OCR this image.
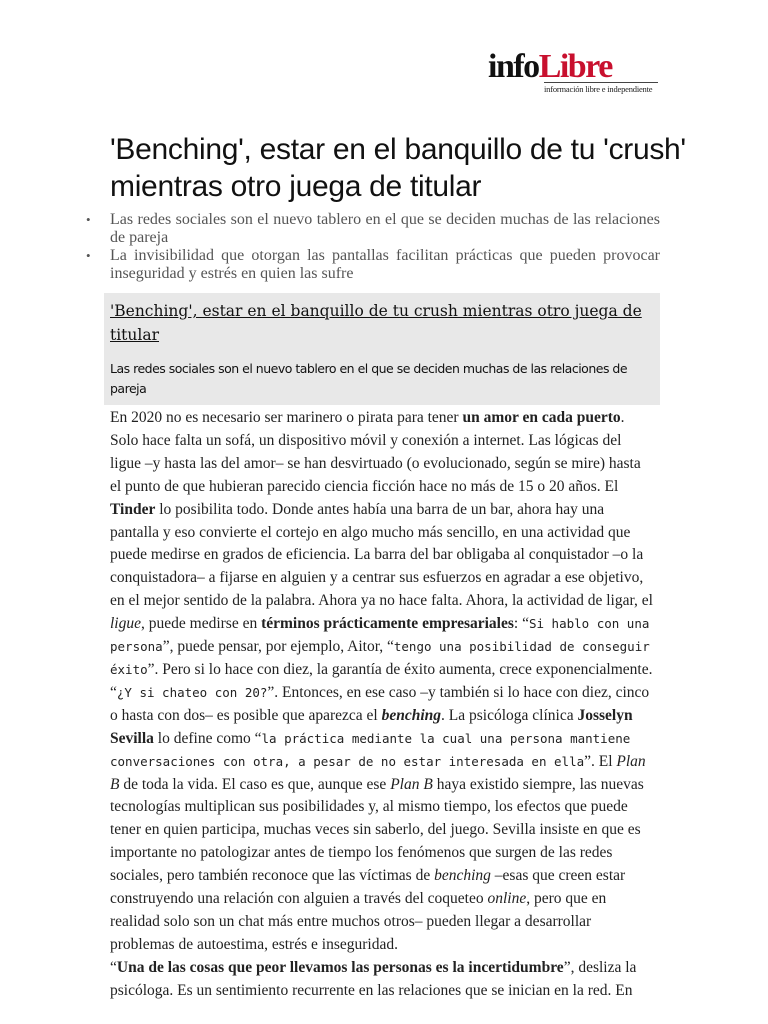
infoLibre
información libre e independiente
'Benching', estar en el banquillo de tu 'crush' mientras otro juega de titular
• Las redes sociales son el nuevo tablero en el que se deciden muchas de las relaciones de pareja
• La invisibilidad que otorgan las pantallas facilitan prácticas que pueden provocar inseguridad y estrés en quien las sufre
'Benching', estar en el banquillo de tu crush mientras otro juega de titular

Las redes sociales son el nuevo tablero en el que se deciden muchas de las relaciones de pareja

En 2020 no es necesario ser marinero o pirata para tener un amor en cada puerto. Solo hace falta un sofá, un dispositivo móvil y conexión a internet. Las lógicas del ligue –y hasta las del amor– se han desvirtuado (o evolucionado, según se mire) hasta el punto de que hubieran parecido ciencia ficción hace no más de 15 o 20 años. El Tinder lo posibilita todo. Donde antes había una barra de un bar, ahora hay una pantalla y eso convierte el cortejo en algo mucho más sencillo, en una actividad que puede medirse en grados de eficiencia. La barra del bar obligaba al conquistador –o la conquistadora– a fijarse en alguien y a centrar sus esfuerzos en agradar a ese objetivo, en el mejor sentido de la palabra. Ahora ya no hace falta. Ahora, la actividad de ligar, el ligue, puede medirse en términos prácticamente empresariales: “Si hablo con una persona”, puede pensar, por ejemplo, Aitor, “tengo una posibilidad de conseguir éxito”. Pero si lo hace con diez, la garantía de éxito aumenta, crece exponencialmente. “¿Y si chateo con 20?”. Entonces, en ese caso –y también si lo hace con diez, cinco o hasta con dos– es posible que aparezca el benching. La psicóloga clínica Josselyn Sevilla lo define como “la práctica mediante la cual una persona mantiene conversaciones con otra, a pesar de no estar interesada en ella”. El Plan B de toda la vida. El caso es que, aunque ese Plan B haya existido siempre, las nuevas tecnologías multiplican sus posibilidades y, al mismo tiempo, los efectos que puede tener en quien participa, muchas veces sin saberlo, del juego. Sevilla insiste en que es importante no patologizar antes de tiempo los fenómenos que surgen de las redes sociales, pero también reconoce que las víctimas de benching –esas que creen estar construyendo una relación con alguien a través del coqueteo online, pero que en realidad solo son un chat más entre muchos otros– pueden llegar a desarrollar problemas de autoestima, estrés e inseguridad.

“Una de las cosas que peor llevamos las personas es la incertidumbre”, desliza la psicóloga. Es un sentimiento recurrente en las relaciones que se inician en la red. En
